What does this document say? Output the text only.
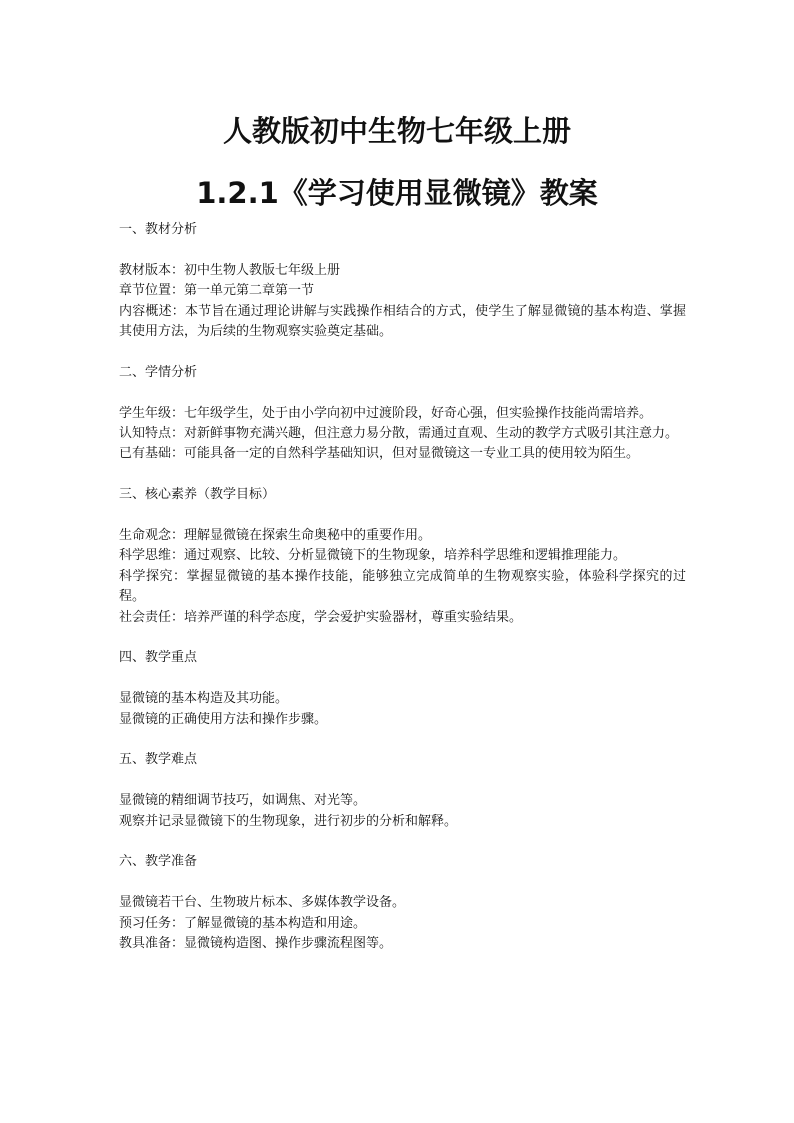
人教版初中生物七年级上册
1.2.1《学习使用显微镜》教案
一、教材分析

教材版本：初中生物人教版七年级上册

章节位置：第一单元第二章第一节

内容概述：本节旨在通过理论讲解与实践操作相结合的方式，使学生了解显微镜的基本构造、掌握其使用方法，为后续的生物观察实验奠定基础。

二、学情分析

学生年级：七年级学生，处于由小学向初中过渡阶段，好奇心强，但实验操作技能尚需培养。

认知特点：对新鲜事物充满兴趣，但注意力易分散，需通过直观、生动的教学方式吸引其注意力。

已有基础：可能具备一定的自然科学基础知识，但对显微镜这一专业工具的使用较为陌生。

三、核心素养（教学目标）

生命观念：理解显微镜在探索生命奥秘中的重要作用。

科学思维：通过观察、比较、分析显微镜下的生物现象，培养科学思维和逻辑推理能力。

科学探究：掌握显微镜的基本操作技能，能够独立完成简单的生物观察实验，体验科学探究的过程。

社会责任：培养严谨的科学态度，学会爱护实验器材，尊重实验结果。

四、教学重点

显微镜的基本构造及其功能。

显微镜的正确使用方法和操作步骤。

五、教学难点

显微镜的精细调节技巧，如调焦、对光等。

观察并记录显微镜下的生物现象，进行初步的分析和解释。

六、教学准备

显微镜若干台、生物玻片标本、多媒体教学设备。

预习任务：了解显微镜的基本构造和用途。

教具准备：显微镜构造图、操作步骤流程图等。
